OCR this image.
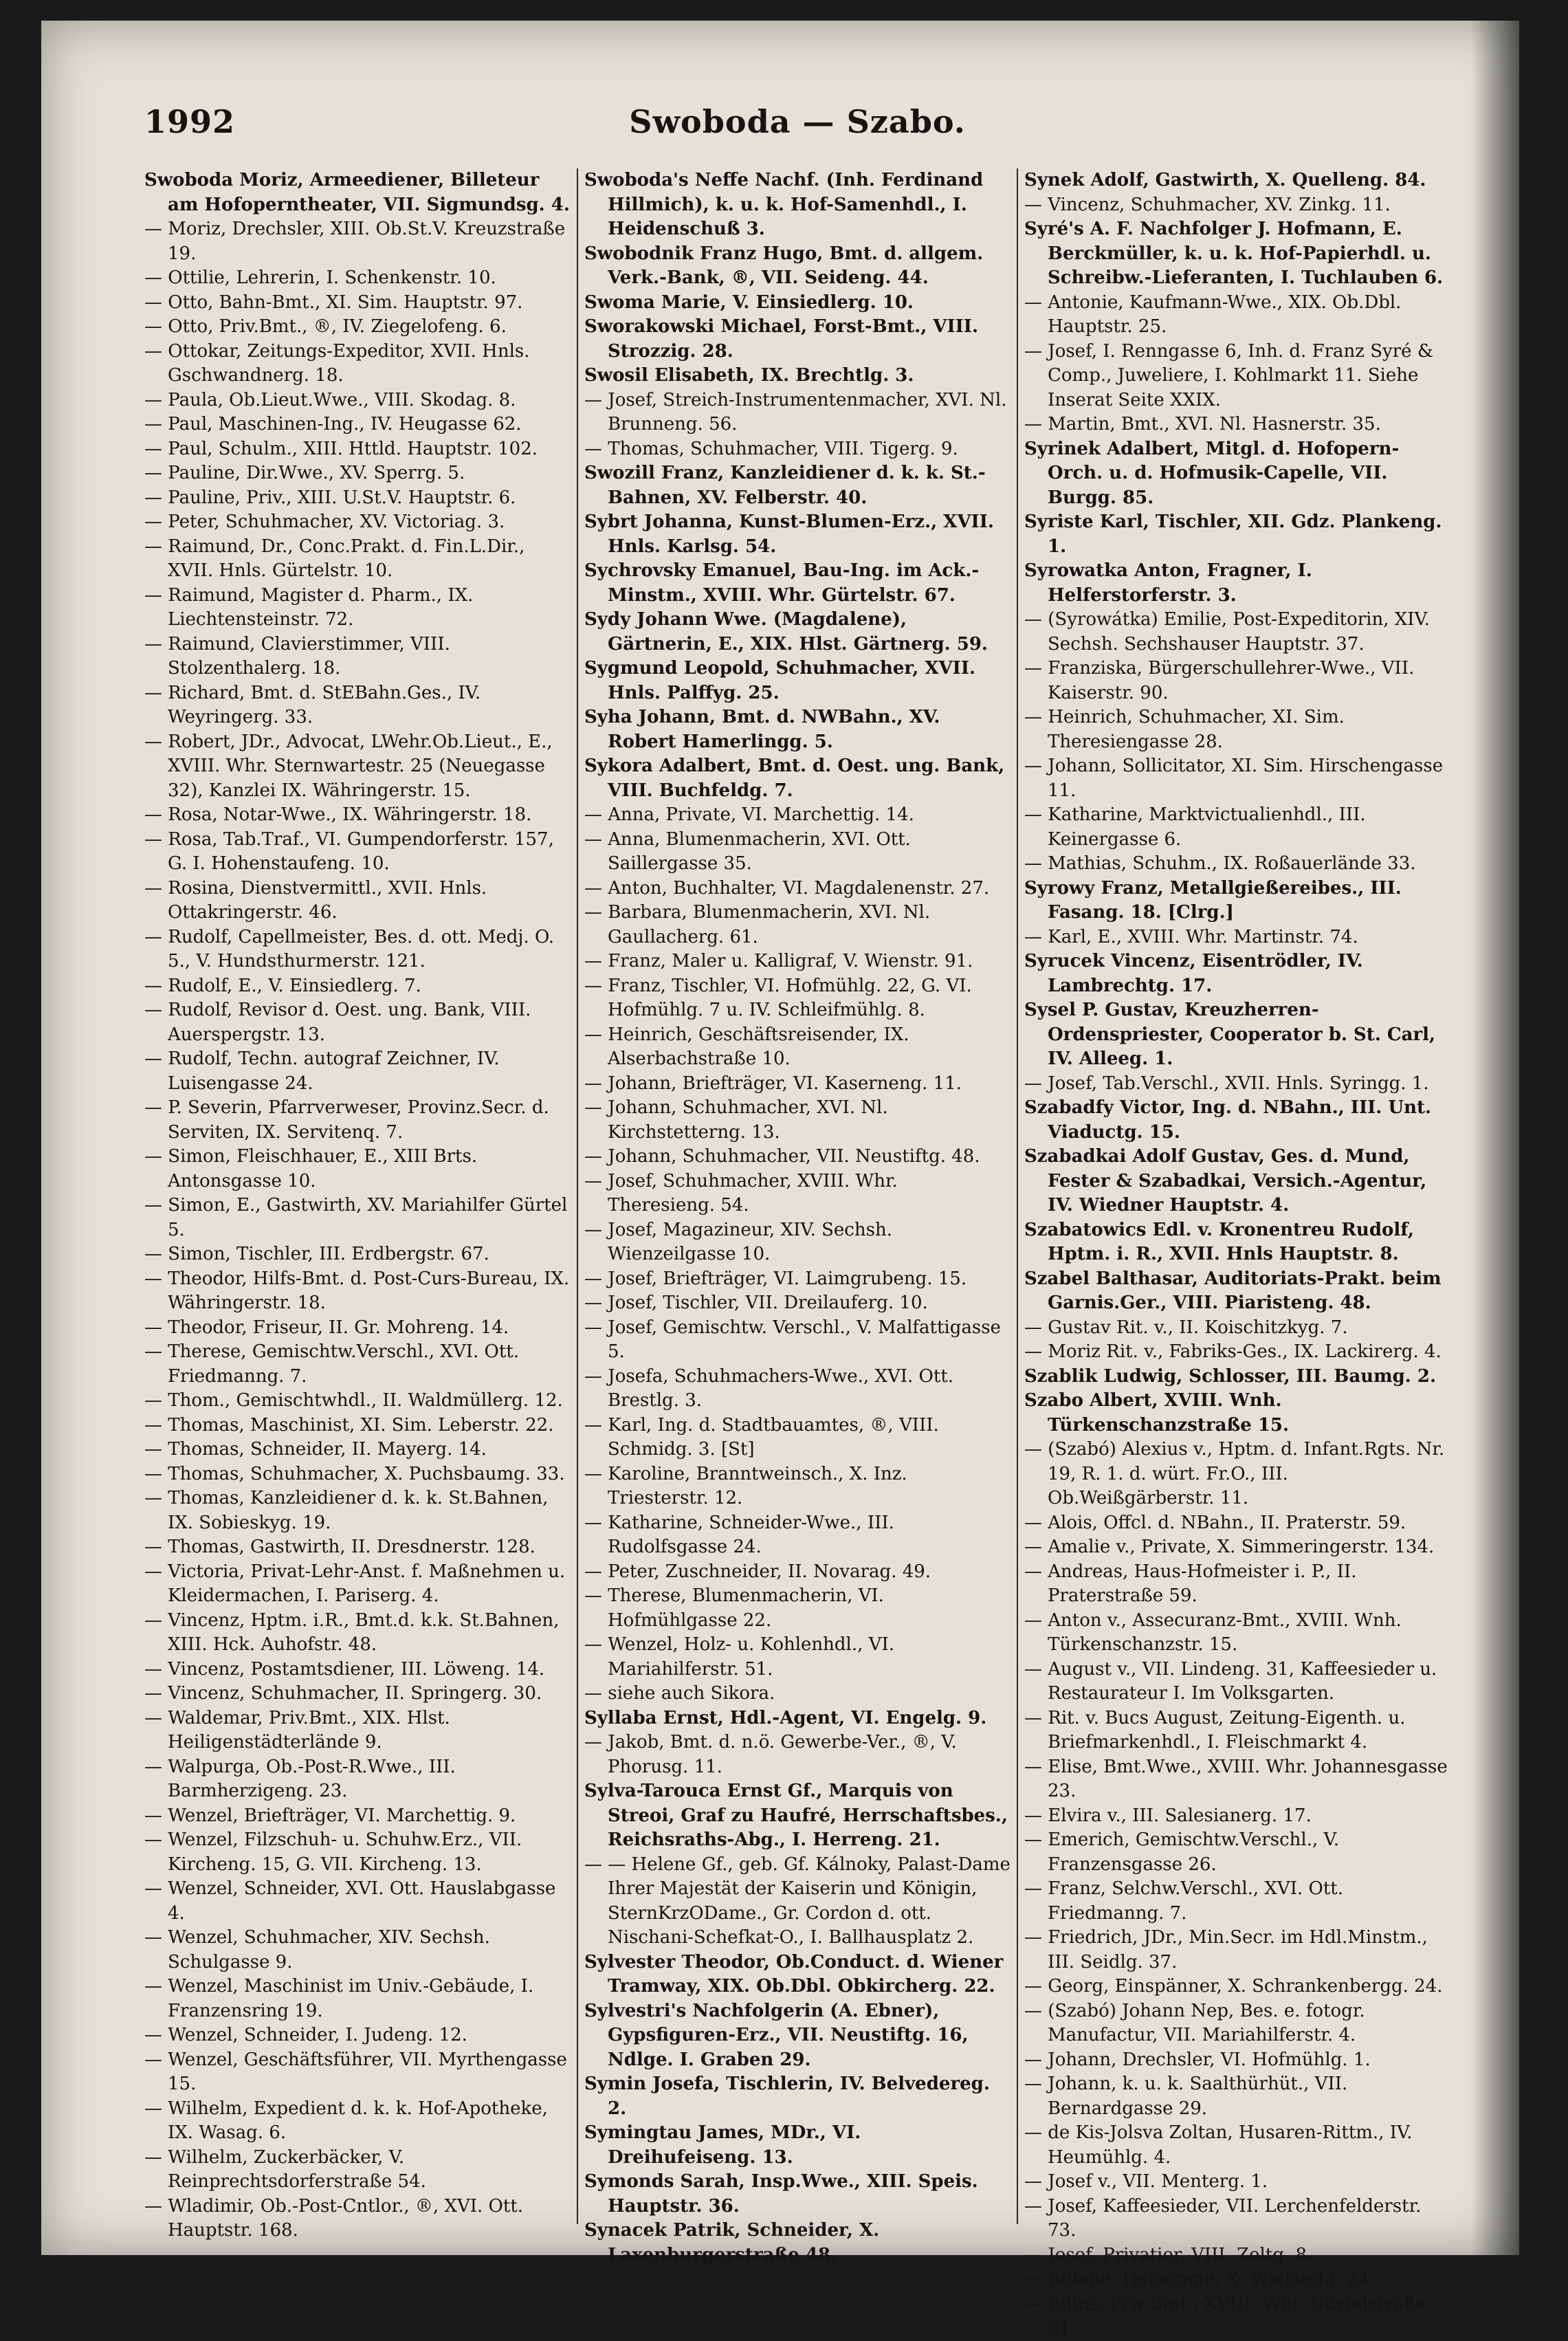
1992	Swoboda — Szabo.

Swoboda Moriz, Armeediener, Billeteur am Hofoperntheater, VII. Sigmundsg. 4.

— Moriz, Drechsler, XIII. Ob.St.V. Kreuzstraße 19.

— Ottilie, Lehrerin, I. Schenkenstr. 10.

— Otto, Bahn-Bmt., XI. Sim. Hauptstr. 97.

— Otto, Priv.Bmt., ®, IV. Ziegelofeng. 6.

— Ottokar, Zeitungs-Expeditor, XVII. Hnls. Gschwandnerg. 18.

— Paula, Ob.Lieut.Wwe., VIII. Skodag. 8.

— Paul, Maschinen-Ing., IV. Heugasse 62.

— Paul, Schulm., XIII. Httld. Hauptstr. 102.

— Pauline, Dir.Wwe., XV. Sperrg. 5.

— Pauline, Priv., XIII. U.St.V. Hauptstr. 6.

— Peter, Schuhmacher, XV. Victoriag. 3.

— Raimund, Dr., Conc.Prakt. d. Fin.L.Dir., XVII. Hnls. Gürtelstr. 10.

— Raimund, Magister d. Pharm., IX. Liechtensteinstr. 72.

— Raimund, Clavierstimmer, VIII. Stolzenthalerg. 18.

— Richard, Bmt. d. StEBahn.Ges., IV. Weyringerg. 33.

— Robert, JDr., Advocat, LWehr.Ob.Lieut., E., XVIII. Whr. Sternwartestr. 25 (Neuegasse 32), Kanzlei IX. Währingerstr. 15.

— Rosa, Notar-Wwe., IX. Währingerstr. 18.

— Rosa, Tab.Traf., VI. Gumpendorferstr. 157, G. I. Hohenstaufeng. 10.

— Rosina, Dienstvermittl., XVII. Hnls. Ottakringerstr. 46.

— Rudolf, Capellmeister, Bes. d. ott. Medj. O. 5., V. Hundsthurmerstr. 121.

— Rudolf, E., V. Einsiedlerg. 7.

— Rudolf, Revisor d. Oest. ung. Bank, VIII. Auerspergstr. 13.

— Rudolf, Techn. autograf Zeichner, IV. Luisengasse 24.

— P. Severin, Pfarrverweser, Provinz.Secr. d. Serviten, IX. Servitenq. 7.

— Simon, Fleischhauer, E., XIII Brts. Antonsgasse 10.

— Simon, E., Gastwirth, XV. Mariahilfer Gürtel 5.

— Simon, Tischler, III. Erdbergstr. 67.

— Theodor, Hilfs-Bmt. d. Post-Curs-Bureau, IX. Währingerstr. 18.

— Theodor, Friseur, II. Gr. Mohreng. 14.

— Therese, Gemischtw.Verschl., XVI. Ott. Friedmanng. 7.

— Thom., Gemischtwhdl., II. Waldmüllerg. 12.

— Thomas, Maschinist, XI. Sim. Leberstr. 22.

— Thomas, Schneider, II. Mayerg. 14.

— Thomas, Schuhmacher, X. Puchsbaumg. 33.

— Thomas, Kanzleidiener d. k. k. St.Bahnen, IX. Sobieskyg. 19.

— Thomas, Gastwirth, II. Dresdnerstr. 128.

— Victoria, Privat-Lehr-Anst. f. Maßnehmen u. Kleidermachen, I. Pariserg. 4.

— Vincenz, Hptm. i.R., Bmt.d. k.k. St.Bahnen, XIII. Hck. Auhofstr. 48.

— Vincenz, Postamtsdiener, III. Löweng. 14.

— Vincenz, Schuhmacher, II. Springerg. 30.

— Waldemar, Priv.Bmt., XIX. Hlst. Heiligenstädterlände 9.

— Walpurga, Ob.-Post-R.Wwe., III. Barmherzigeng. 23.

— Wenzel, Briefträger, VI. Marchettig. 9.

— Wenzel, Filzschuh- u. Schuhw.Erz., VII. Kircheng. 15, G. VII. Kircheng. 13.

— Wenzel, Schneider, XVI. Ott. Hauslabgasse 4.

— Wenzel, Schuhmacher, XIV. Sechsh. Schulgasse 9.

— Wenzel, Maschinist im Univ.-Gebäude, I. Franzensring 19.

— Wenzel, Schneider, I. Judeng. 12.

— Wenzel, Geschäftsführer, VII. Myrthengasse 15.

— Wilhelm, Expedient d. k. k. Hof-Apotheke, IX. Wasag. 6.

— Wilhelm, Zuckerbäcker, V. Reinprechtsdorferstraße 54.

— Wladimir, Ob.-Post-Cntlor., ®, XVI. Ott. Hauptstr. 168.

Swoboda's Neffe Nachf. (Inh. Ferdinand Hillmich), k. u. k. Hof-Samenhdl., I. Heidenschuß 3.

Swobodnik Franz Hugo, Bmt. d. allgem. Verk.-Bank, ®, VII. Seideng. 44.

Swoma Marie, V. Einsiedlerg. 10.

Sworakowski Michael, Forst-Bmt., VIII. Strozzig. 28.

Swosil Elisabeth, IX. Brechtlg. 3.

— Josef, Streich-Instrumentenmacher, XVI. Nl. Brunneng. 56.

— Thomas, Schuhmacher, VIII. Tigerg. 9.

Swozill Franz, Kanzleidiener d. k. k. St.-Bahnen, XV. Felberstr. 40.

Sybrt Johanna, Kunst-Blumen-Erz., XVII. Hnls. Karlsg. 54.

Sychrovsky Emanuel, Bau-Ing. im Ack.-Minstm., XVIII. Whr. Gürtelstr. 67.

Sydy Johann Wwe. (Magdalene), Gärtnerin, E., XIX. Hlst. Gärtnerg. 59.

Sygmund Leopold, Schuhmacher, XVII. Hnls. Palffyg. 25.

Syha Johann, Bmt. d. NWBahn., XV. Robert Hamerlingg. 5.

Sykora Adalbert, Bmt. d. Oest. ung. Bank, VIII. Buchfeldg. 7.

— Anna, Private, VI. Marchettig. 14.

— Anna, Blumenmacherin, XVI. Ott. Saillergasse 35.

— Anton, Buchhalter, VI. Magdalenenstr. 27.

— Barbara, Blumenmacherin, XVI. Nl. Gaullacherg. 61.

— Franz, Maler u. Kalligraf, V. Wienstr. 91.

— Franz, Tischler, VI. Hofmühlg. 22, G. VI. Hofmühlg. 7 u. IV. Schleifmühlg. 8.

— Heinrich, Geschäftsreisender, IX. Alserbachstraße 10.

— Johann, Briefträger, VI. Kaserneng. 11.

— Johann, Schuhmacher, XVI. Nl. Kirchstetterng. 13.

— Johann, Schuhmacher, VII. Neustiftg. 48.

— Josef, Schuhmacher, XVIII. Whr. Theresieng. 54.

— Josef, Magazineur, XIV. Sechsh. Wienzeilgasse 10.

— Josef, Briefträger, VI. Laimgrubeng. 15.

— Josef, Tischler, VII. Dreilauferg. 10.

— Josef, Gemischtw. Verschl., V. Malfattigasse 5.

— Josefa, Schuhmachers-Wwe., XVI. Ott. Brestlg. 3.

— Karl, Ing. d. Stadtbauamtes, ®, VIII. Schmidg. 3. [St]

— Karoline, Branntweinsch., X. Inz. Triesterstr. 12.

— Katharine, Schneider-Wwe., III. Rudolfsgasse 24.

— Peter, Zuschneider, II. Novarag. 49.

— Therese, Blumenmacherin, VI. Hofmühlgasse 22.

— Wenzel, Holz- u. Kohlenhdl., VI. Mariahilferstr. 51.

— siehe auch Sikora.

Syllaba Ernst, Hdl.-Agent, VI. Engelg. 9.

— Jakob, Bmt. d. n.ö. Gewerbe-Ver., ®, V. Phorusg. 11.

Sylva-Tarouca Ernst Gf., Marquis von Streoi, Graf zu Haufré, Herrschaftsbes., Reichsraths-Abg., I. Herreng. 21.

— — Helene Gf., geb. Gf. Kálnoky, Palast-Dame Ihrer Majestät der Kaiserin und Königin, SternKrzODame., Gr. Cordon d. ott. Nischani-Schefkat-O., I. Ballhausplatz 2.

Sylvester Theodor, Ob.Conduct. d. Wiener Tramway, XIX. Ob.Dbl. Obkircherg. 22.

Sylvestri's Nachfolgerin (A. Ebner), Gypsfiguren-Erz., VII. Neustiftg. 16, Ndlge. I. Graben 29.

Symin Josefa, Tischlerin, IV. Belvedereg. 2.

Symingtau James, MDr., VI. Dreihufeiseng. 13.

Symonds Sarah, Insp.Wwe., XIII. Speis. Hauptstr. 36.

Synacek Patrik, Schneider, X. Laxenburgerstraße 48.

Synek Adolf, Gastwirth, X. Quelleng. 84.

— Vincenz, Schuhmacher, XV. Zinkg. 11.

Syré's A. F. Nachfolger J. Hofmann, E. Berckmüller, k. u. k. Hof-Papierhdl. u. Schreibw.-Lieferanten, I. Tuchlauben 6.

— Antonie, Kaufmann-Wwe., XIX. Ob.Dbl. Hauptstr. 25.

— Josef, I. Renngasse 6, Inh. d. Franz Syré & Comp., Juweliere, I. Kohlmarkt 11. Siehe Inserat Seite XXIX.

— Martin, Bmt., XVI. Nl. Hasnerstr. 35.

Syrinek Adalbert, Mitgl. d. Hofopern-Orch. u. d. Hofmusik-Capelle, VII. Burgg. 85.

Syriste Karl, Tischler, XII. Gdz. Plankeng. 1.

Syrowatka Anton, Fragner, I. Helferstorferstr. 3.

— (Syrowátka) Emilie, Post-Expeditorin, XIV. Sechsh. Sechshauser Hauptstr. 37.

— Franziska, Bürgerschullehrer-Wwe., VII. Kaiserstr. 90.

— Heinrich, Schuhmacher, XI. Sim. Theresiengasse 28.

— Johann, Sollicitator, XI. Sim. Hirschengasse 11.

— Katharine, Marktvictualienhdl., III. Keinergasse 6.

— Mathias, Schuhm., IX. Roßauerlände 33.

Syrowy Franz, Metallgießereibes., III. Fasang. 18. [Clrg.]

— Karl, E., XVIII. Whr. Martinstr. 74.

Syrucek Vincenz, Eisentrödler, IV. Lambrechtg. 17.

Sysel P. Gustav, Kreuzherren-Ordenspriester, Cooperator b. St. Carl, IV. Alleeg. 1.

— Josef, Tab.Verschl., XVII. Hnls. Syringg. 1.

Szabadfy Victor, Ing. d. NBahn., III. Unt. Viaductg. 15.

Szabadkai Adolf Gustav, Ges. d. Mund, Fester & Szabadkai, Versich.-Agentur, IV. Wiedner Hauptstr. 4.

Szabatowics Edl. v. Kronentreu Rudolf, Hptm. i. R., XVII. Hnls Hauptstr. 8.

Szabel Balthasar, Auditoriats-Prakt. beim Garnis.Ger., VIII. Piaristeng. 48.

— Gustav Rit. v., II. Koischitzkyg. 7.

— Moriz Rit. v., Fabriks-Ges., IX. Lackirerg. 4.

Szablik Ludwig, Schlosser, III. Baumg. 2.

Szabo Albert, XVIII. Wnh. Türkenschanzstraße 15.

— (Szabó) Alexius v., Hptm. d. Infant.Rgts. Nr. 19, R. 1. d. würt. Fr.O., III. Ob.Weißgärberstr. 11.

— Alois, Offcl. d. NBahn., II. Praterstr. 59.

— Amalie v., Private, X. Simmeringerstr. 134.

— Andreas, Haus-Hofmeister i. P., II. Praterstraße 59.

— Anton v., Assecuranz-Bmt., XVIII. Wnh. Türkenschanzstr. 15.

— August v., VII. Lindeng. 31, Kaffeesieder u. Restaurateur I. Im Volksgarten.

— Rit. v. Bucs August, Zeitung-Eigenth. u. Briefmarkenhdl., I. Fleischmarkt 4.

— Elise, Bmt.Wwe., XVIII. Whr. Johannesgasse 23.

— Elvira v., III. Salesianerg. 17.

— Emerich, Gemischtw.Verschl., V. Franzensgasse 26.

— Franz, Selchw.Verschl., XVI. Ott. Friedmanng. 7.

— Friedrich, JDr., Min.Secr. im Hdl.Minstm., III. Seidlg. 37.

— Georg, Einspänner, X. Schrankenbergg. 24.

— (Szabó) Johann Nep, Bes. e. fotogr. Manufactur, VII. Mariahilferstr. 4.

— Johann, Drechsler, VI. Hofmühlg. 1.

— Johann, k. u. k. Saalthürhüt., VII. Bernardgasse 29.

— de Kis-Jolsva Zoltan, Husaren-Rittm., IV. Heumühlg. 4.

— Josef v., VII. Menterg. 1.

— Josef, Kaffeesieder, VII. Lerchenfelderstr. 73.

— Josef, Privatier, VIII. Zeltg. 8.

— Juliane, Hebamme, X. Wielandg. 24.

— Julius, Priv.Bmt., XVIII. Whr. Gürtelstraße 61.
